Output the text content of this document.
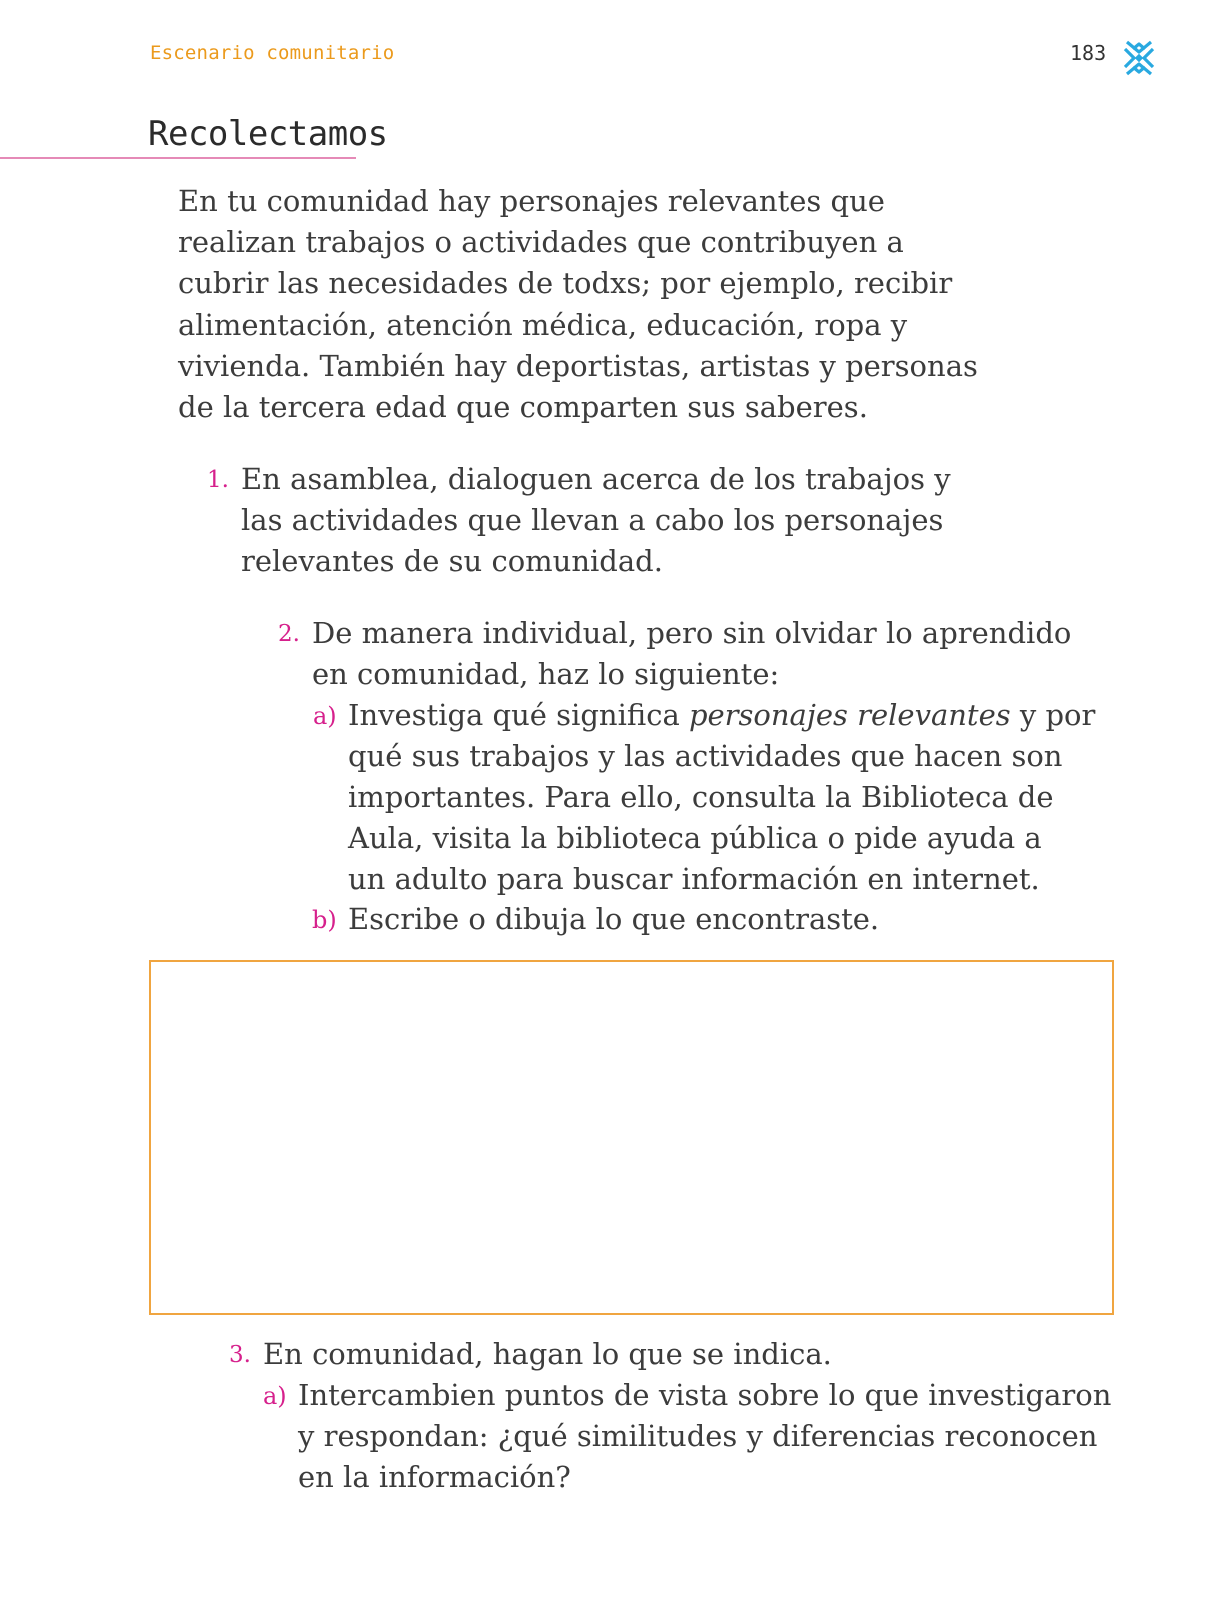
Escenario comunitario	183
Recolectamos
En tu comunidad hay personajes relevantes que
realizan trabajos o actividades que contribuyen a
cubrir las necesidades de todxs; por ejemplo, recibir
alimentación, atención médica, educación, ropa y
vivienda. También hay deportistas, artistas y personas
de la tercera edad que comparten sus saberes.
1. En asamblea, dialoguen acerca de los trabajos y
las actividades que llevan a cabo los personajes
relevantes de su comunidad.
2. De manera individual, pero sin olvidar lo aprendido
en comunidad, haz lo siguiente:
a) Investiga qué significa personajes relevantes y por
qué sus trabajos y las actividades que hacen son
importantes. Para ello, consulta la Biblioteca de
Aula, visita la biblioteca pública o pide ayuda a
un adulto para buscar información en internet.
b) Escribe o dibuja lo que encontraste.
3. En comunidad, hagan lo que se indica.
a) Intercambien puntos de vista sobre lo que investigaron
y respondan: ¿qué similitudes y diferencias reconocen
en la información?
